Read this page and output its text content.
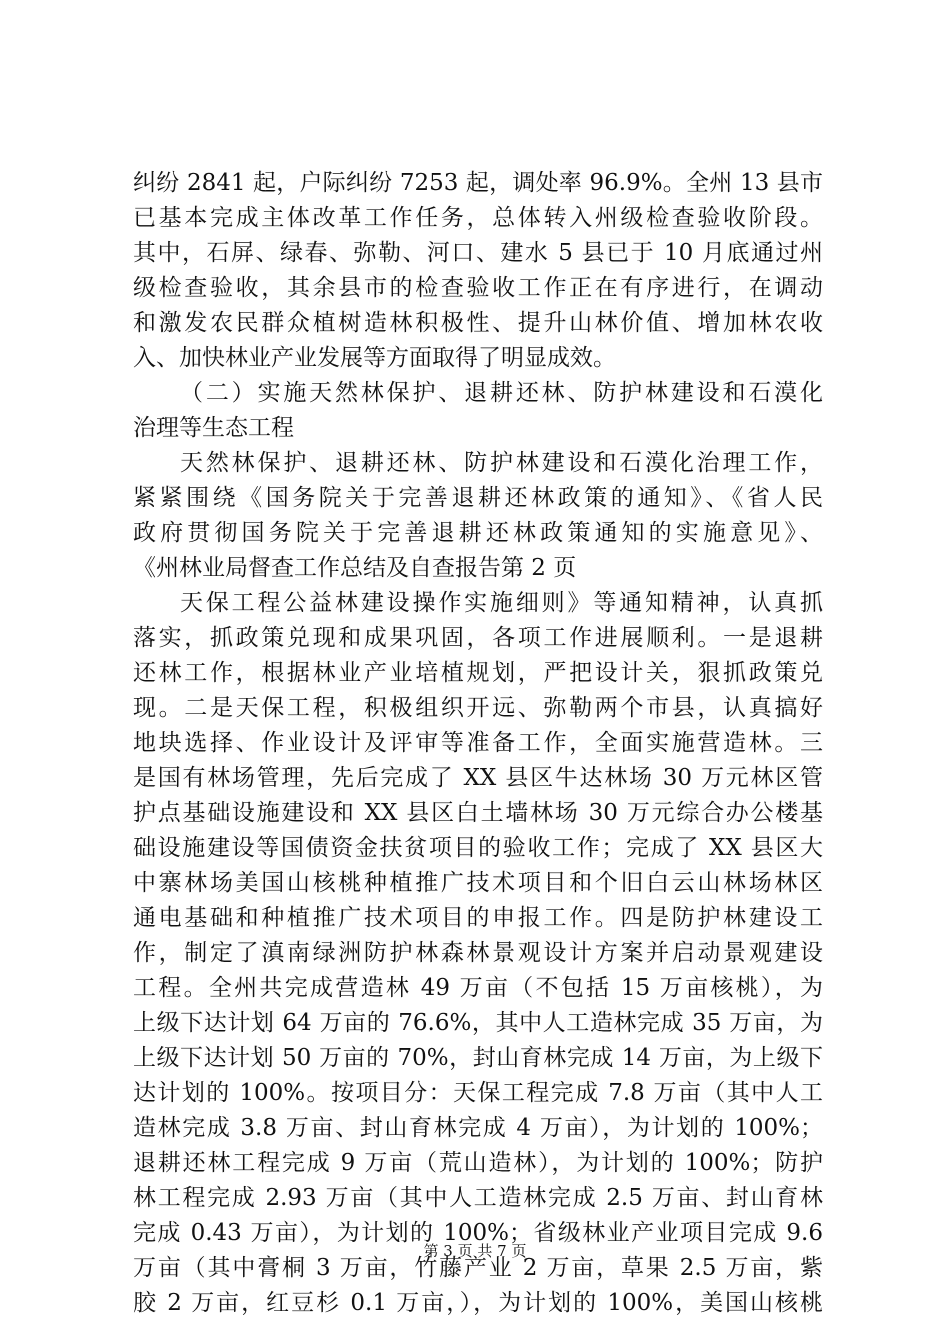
纠纷 2841 起，户际纠纷 7253 起，调处率 96.9%。全州 13 县市
已基本完成主体改革工作任务，总体转入州级检查验收阶段。
其中，石屏、绿春、弥勒、河口、建水 5 县已于 10 月底通过州
级检查验收，其余县市的检查验收工作正在有序进行，在调动
和激发农民群众植树造林积极性、提升山林价值、增加林农收
入、加快林业产业发展等方面取得了明显成效。
（二）实施天然林保护、退耕还林、防护林建设和石漠化
治理等生态工程
天然林保护、退耕还林、防护林建设和石漠化治理工作，
紧紧围绕《国务院关于完善退耕还林政策的通知》、《省人民
政府贯彻国务院关于完善退耕还林政策通知的实施意见》、
《州林业局督查工作总结及自查报告第 2 页
天保工程公益林建设操作实施细则》等通知精神，认真抓
落实，抓政策兑现和成果巩固，各项工作进展顺利。一是退耕
还林工作，根据林业产业培植规划，严把设计关，狠抓政策兑
现。二是天保工程，积极组织开远、弥勒两个市县，认真搞好
地块选择、作业设计及评审等准备工作，全面实施营造林。三
是国有林场管理，先后完成了 XX 县区牛达林场 30 万元林区管
护点基础设施建设和 XX 县区白土墙林场 30 万元综合办公楼基
础设施建设等国债资金扶贫项目的验收工作；完成了 XX 县区大
中寨林场美国山核桃种植推广技术项目和个旧白云山林场林区
通电基础和种植推广技术项目的申报工作。四是防护林建设工
作，制定了滇南绿洲防护林森林景观设计方案并启动景观建设
工程。全州共完成营造林 49 万亩（不包括 15 万亩核桃），为
上级下达计划 64 万亩的 76.6%，其中人工造林完成 35 万亩，为
上级下达计划 50 万亩的 70%，封山育林完成 14 万亩，为上级下
达计划的 100%。按项目分：天保工程完成 7.8 万亩（其中人工
造林完成 3.8 万亩、封山育林完成 4 万亩），为计划的 100%；
退耕还林工程完成 9 万亩（荒山造林），为计划的 100%；防护
林工程完成 2.93 万亩（其中人工造林完成 2.5 万亩、封山育林
完成 0.43 万亩），为计划的 100%；省级林业产业项目完成 9.6
万亩（其中膏桐 3 万亩，竹藤产业 2 万亩，草果 2.5 万亩，紫
胶 2 万亩，红豆杉 0.1 万亩，），为计划的 100%，美国山核桃
第 3 页 共 7 页
